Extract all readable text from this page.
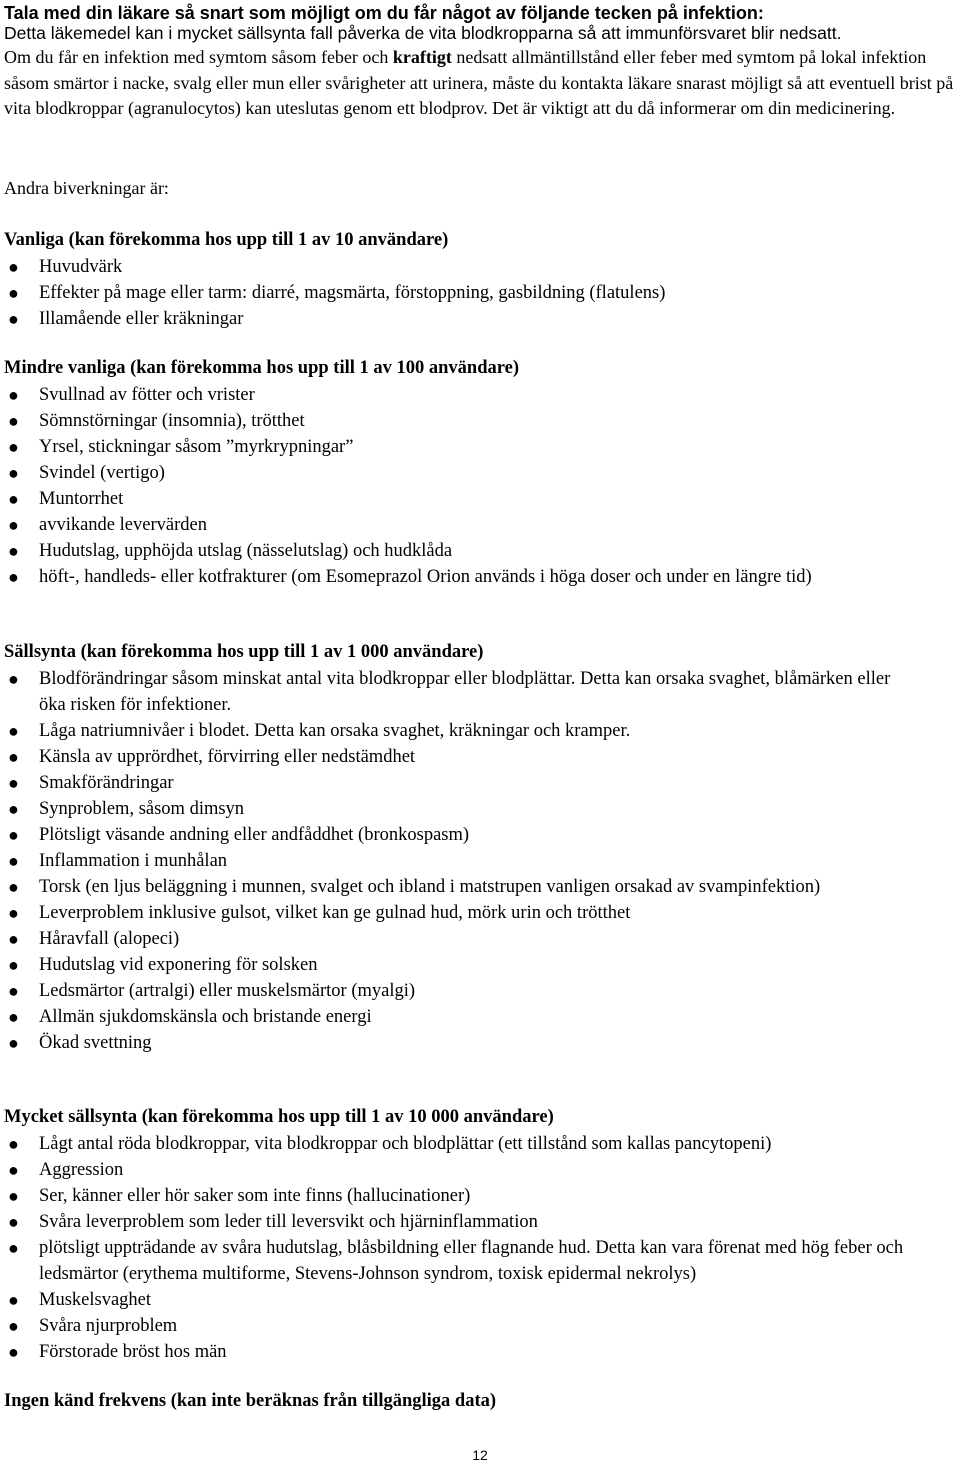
Tala med din läkare så snart som möjligt om du får något av följande tecken på infektion:

Detta läkemedel kan i mycket sällsynta fall påverka de vita blodkropparna så att immunförsvaret blir nedsatt.

Om du får en infektion med symtom såsom feber och kraftigt nedsatt allmäntillstånd eller feber med symtom på lokal infektion såsom smärtor i nacke, svalg eller mun eller svårigheter att urinera, måste du kontakta läkare snarast möjligt så att eventuell brist på vita blodkroppar (agranulocytos) kan uteslutas genom ett blodprov. Det är viktigt att du då informerar om din medicinering.

Andra biverkningar är:

Vanliga (kan förekomma hos upp till 1 av 10 användare)
● Huvudvärk
● Effekter på mage eller tarm: diarré, magsmärta, förstoppning, gasbildning (flatulens)
● Illamående eller kräkningar
Mindre vanliga (kan förekomma hos upp till 1 av 100 användare)
● Svullnad av fötter och vrister
● Sömnstörningar (insomnia), trötthet
● Yrsel, stickningar såsom ”myrkrypningar”
● Svindel (vertigo)
● Muntorrhet
● avvikande levervärden
● Hudutslag, upphöjda utslag (nässelutslag) och hudklåda
● höft-, handleds- eller kotfrakturer (om Esomeprazol Orion används i höga doser och under en längre tid)
Sällsynta (kan förekomma hos upp till 1 av 1 000 användare)
● Blodförändringar såsom minskat antal vita blodkroppar eller blodplättar. Detta kan orsaka svaghet, blåmärken eller öka risken för infektioner.
● Låga natriumnivåer i blodet. Detta kan orsaka svaghet, kräkningar och kramper.
● Känsla av upprördhet, förvirring eller nedstämdhet
● Smakförändringar
● Synproblem, såsom dimsyn
● Plötsligt väsande andning eller andfåddhet (bronkospasm)
● Inflammation i munhålan
● Torsk (en ljus beläggning i munnen, svalget och ibland i matstrupen vanligen orsakad av svampinfektion)
● Leverproblem inklusive gulsot, vilket kan ge gulnad hud, mörk urin och trötthet
● Håravfall (alopeci)
● Hudutslag vid exponering för solsken
● Ledsmärtor (artralgi) eller muskelsmärtor (myalgi)
● Allmän sjukdomskänsla och bristande energi
● Ökad svettning
Mycket sällsynta (kan förekomma hos upp till 1 av 10 000 användare)
● Lågt antal röda blodkroppar, vita blodkroppar och blodplättar (ett tillstånd som kallas pancytopeni)
● Aggression
● Ser, känner eller hör saker som inte finns (hallucinationer)
● Svåra leverproblem som leder till leversvikt och hjärninflammation
● plötsligt uppträdande av svåra hudutslag, blåsbildning eller flagnande hud. Detta kan vara förenat med hög feber och ledsmärtor (erythema multiforme, Stevens-Johnson syndrom, toxisk epidermal nekrolys)
● Muskelsvaghet
● Svåra njurproblem
● Förstorade bröst hos män
Ingen känd frekvens (kan inte beräknas från tillgängliga data)
12
